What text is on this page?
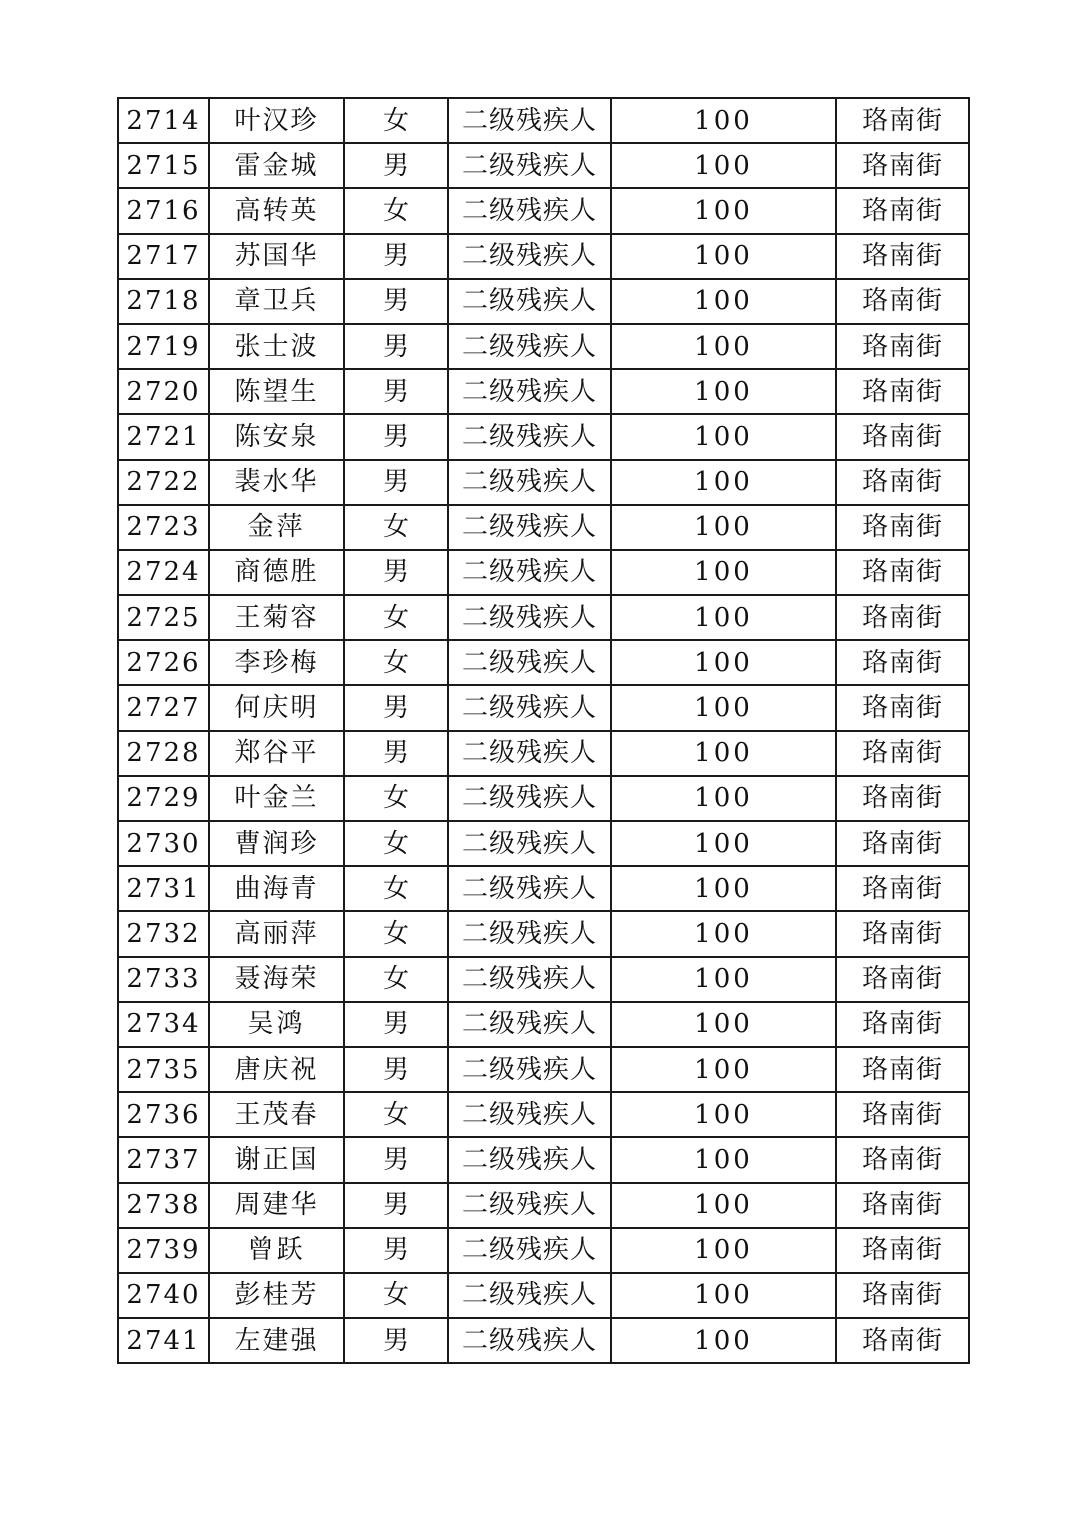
2714	叶汉珍	女	二级残疾人	100	珞南街
2715	雷金城	男	二级残疾人	100	珞南街
2716	高转英	女	二级残疾人	100	珞南街
2717	苏国华	男	二级残疾人	100	珞南街
2718	章卫兵	男	二级残疾人	100	珞南街
2719	张士波	男	二级残疾人	100	珞南街
2720	陈望生	男	二级残疾人	100	珞南街
2721	陈安泉	男	二级残疾人	100	珞南街
2722	裴水华	男	二级残疾人	100	珞南街
2723	金萍	女	二级残疾人	100	珞南街
2724	商德胜	男	二级残疾人	100	珞南街
2725	王菊容	女	二级残疾人	100	珞南街
2726	李珍梅	女	二级残疾人	100	珞南街
2727	何庆明	男	二级残疾人	100	珞南街
2728	郑谷平	男	二级残疾人	100	珞南街
2729	叶金兰	女	二级残疾人	100	珞南街
2730	曹润珍	女	二级残疾人	100	珞南街
2731	曲海青	女	二级残疾人	100	珞南街
2732	高丽萍	女	二级残疾人	100	珞南街
2733	聂海荣	女	二级残疾人	100	珞南街
2734	吴鸿	男	二级残疾人	100	珞南街
2735	唐庆祝	男	二级残疾人	100	珞南街
2736	王茂春	女	二级残疾人	100	珞南街
2737	谢正国	男	二级残疾人	100	珞南街
2738	周建华	男	二级残疾人	100	珞南街
2739	曾跃	男	二级残疾人	100	珞南街
2740	彭桂芳	女	二级残疾人	100	珞南街
2741	左建强	男	二级残疾人	100	珞南街
